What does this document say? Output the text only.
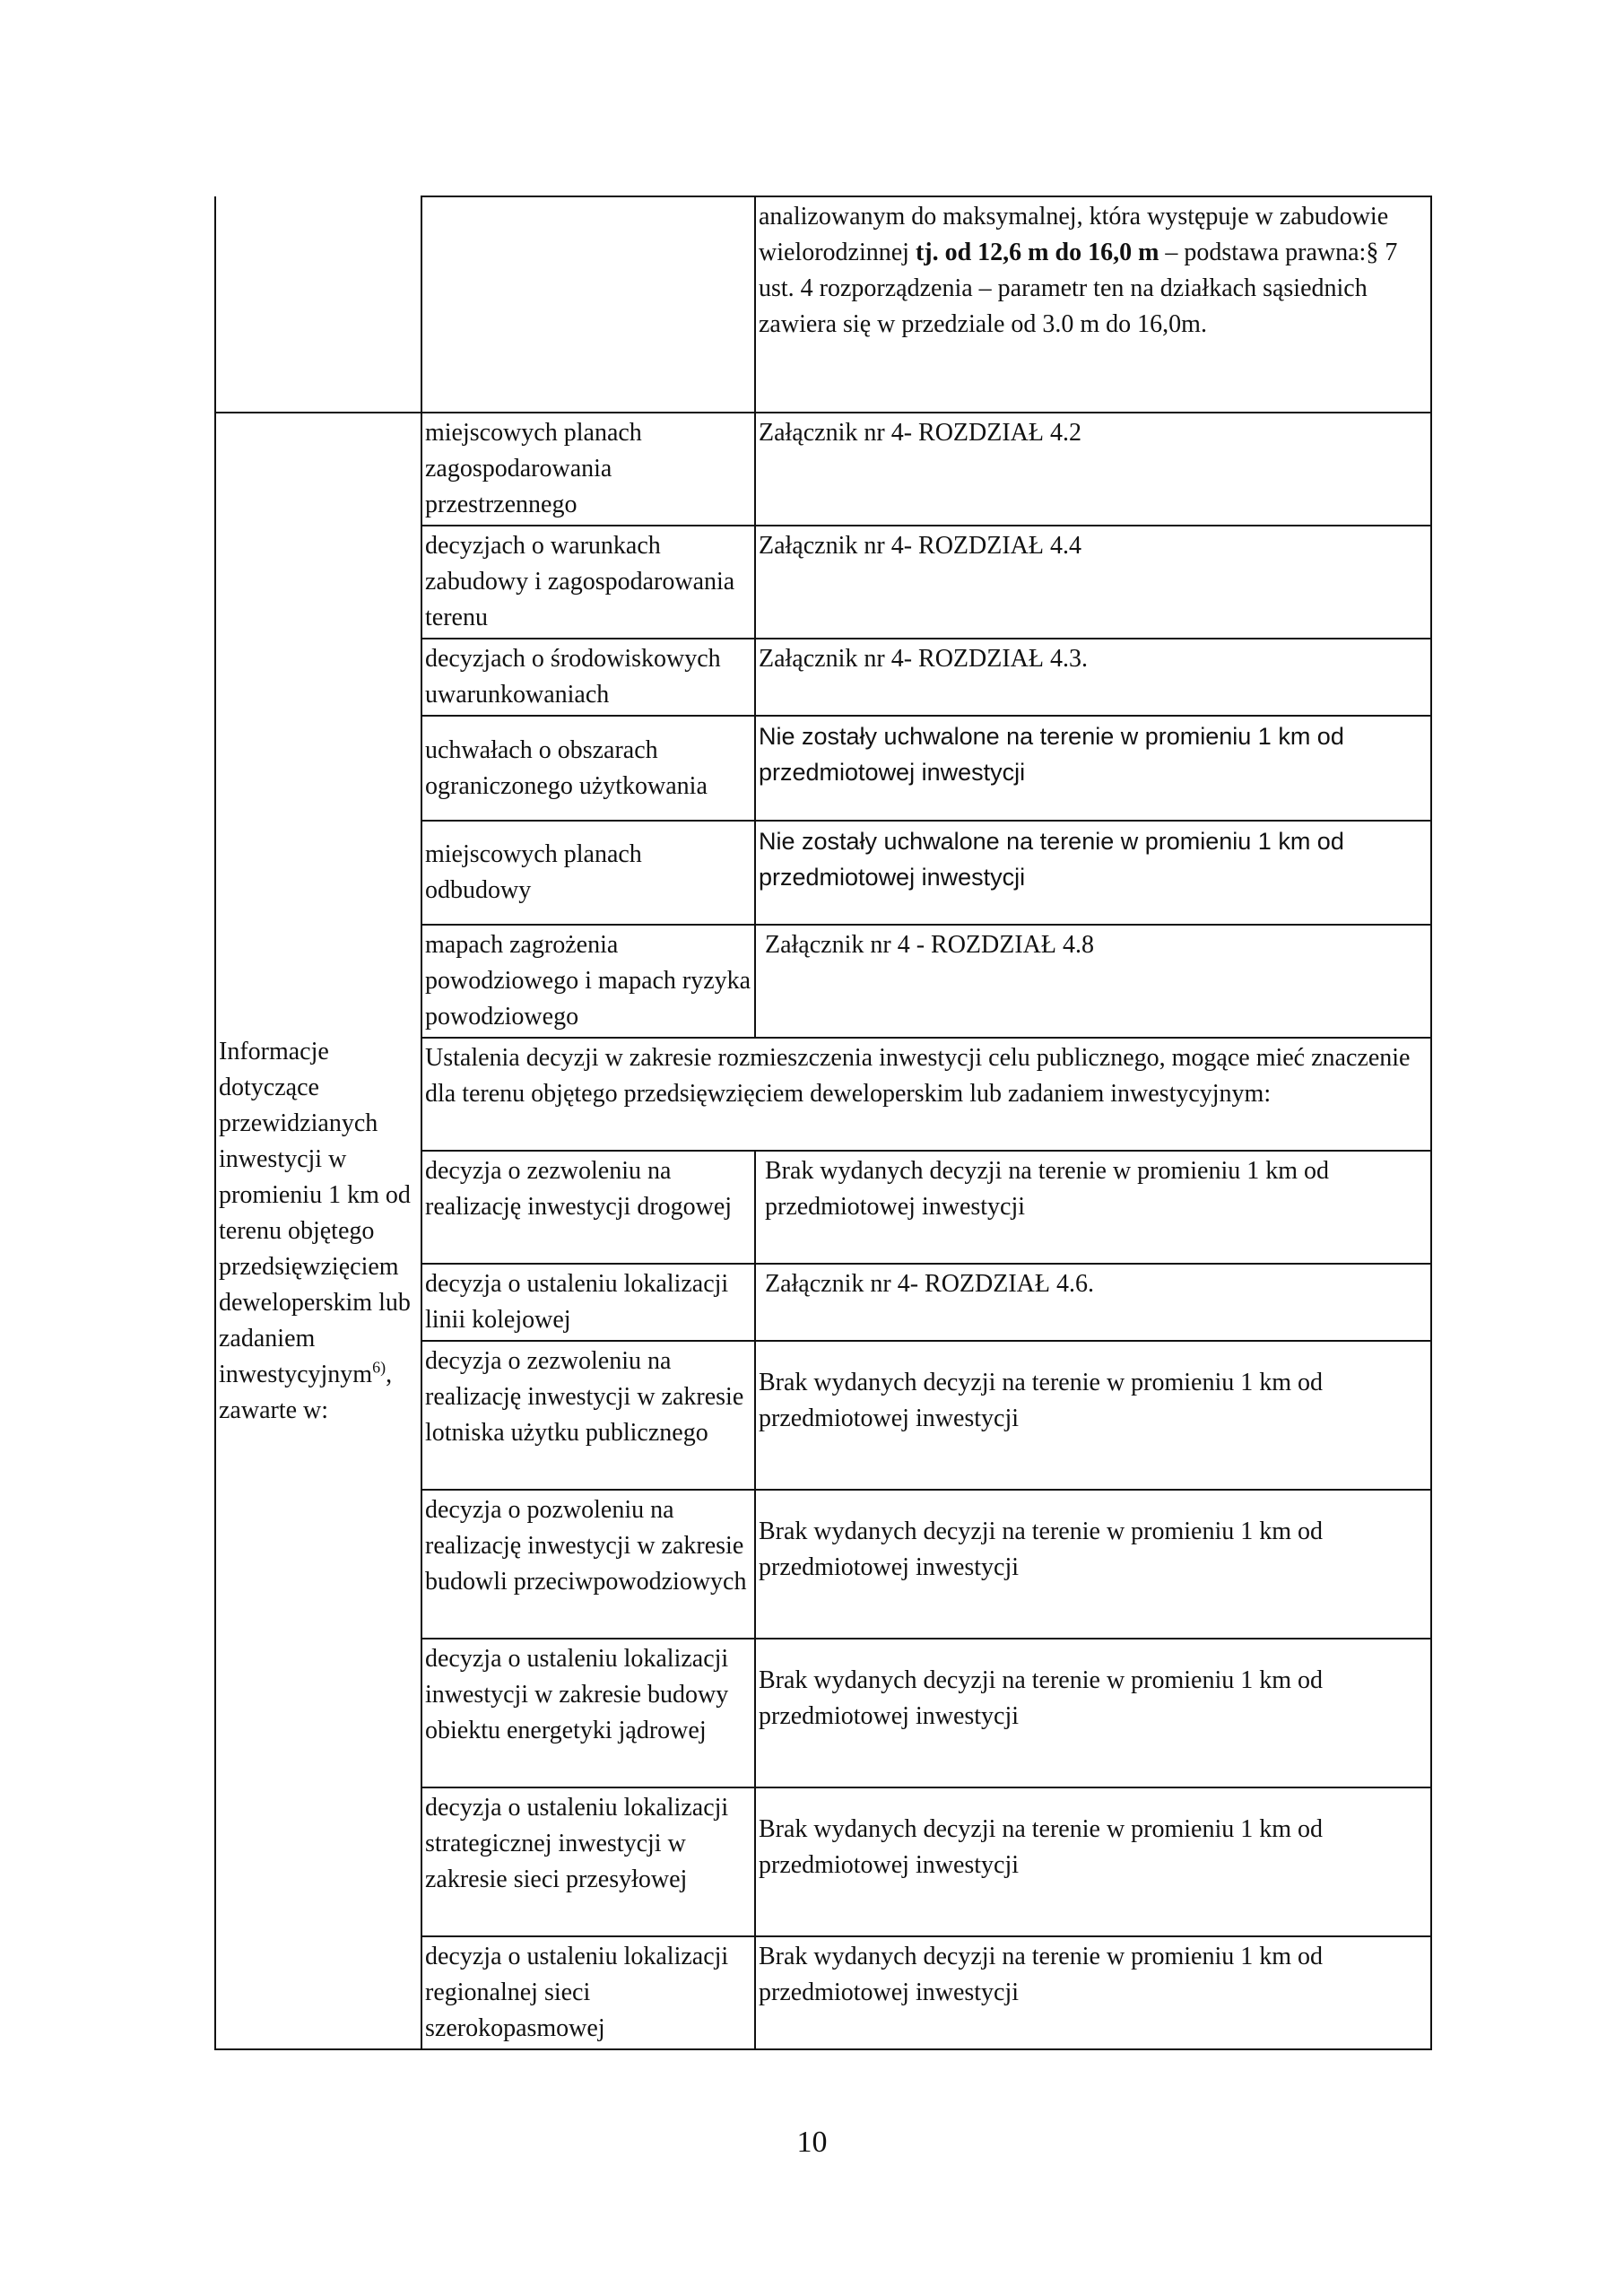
		analizowanym do maksymalnej, która występuje w zabudowie wielorodzinnej tj. od 12,6 m do 16,0 m – podstawa prawna:§ 7 ust. 4 rozporządzenia – parametr ten na działkach sąsiednich zawiera się w przedziale od 3.0 m do 16,0m.
Informacje dotyczące przewidzianych inwestycji w promieniu 1 km od terenu objętego przedsięwzięciem deweloperskim lub zadaniem inwestycyjnym$^{6)}$, zawarte w:	miejscowych planach zagospodarowania przestrzennego	Załącznik nr 4- ROZDZIAŁ 4.2
	decyzjach o warunkach zabudowy i zagospodarowania terenu	Załącznik nr 4- ROZDZIAŁ 4.4
	decyzjach o środowiskowych uwarunkowaniach	Załącznik nr 4- ROZDZIAŁ 4.3.
	uchwałach o obszarach ograniczonego użytkowania	Nie zostały uchwalone na terenie w promieniu 1 km od przedmiotowej inwestycji
	miejscowych planach odbudowy	Nie zostały uchwalone na terenie w promieniu 1 km od przedmiotowej inwestycji
	mapach zagrożenia powodziowego i mapach ryzyka powodziowego	Załącznik nr 4 - ROZDZIAŁ 4.8
	Ustalenia decyzji w zakresie rozmieszczenia inwestycji celu publicznego, mogące mieć znaczenie dla terenu objętego przedsięwzięciem deweloperskim lub zadaniem inwestycyjnym:	
	decyzja o zezwoleniu na realizację inwestycji drogowej	Brak wydanych decyzji na terenie w promieniu 1 km od przedmiotowej inwestycji
	decyzja o ustaleniu lokalizacji linii kolejowej	Załącznik nr 4- ROZDZIAŁ 4.6.
	decyzja o zezwoleniu na realizację inwestycji w zakresie lotniska użytku publicznego	Brak wydanych decyzji na terenie w promieniu 1 km od przedmiotowej inwestycji
	decyzja o pozwoleniu na realizację inwestycji w zakresie budowli przeciwpowodziowych	Brak wydanych decyzji na terenie w promieniu 1 km od przedmiotowej inwestycji
	decyzja o ustaleniu lokalizacji inwestycji w zakresie budowy obiektu energetyki jądrowej	Brak wydanych decyzji na terenie w promieniu 1 km od przedmiotowej inwestycji
	decyzja o ustaleniu lokalizacji strategicznej inwestycji w zakresie sieci przesyłowej	Brak wydanych decyzji na terenie w promieniu 1 km od przedmiotowej inwestycji
	decyzja o ustaleniu lokalizacji regionalnej sieci szerokopasmowej	Brak wydanych decyzji na terenie w promieniu 1 km od przedmiotowej inwestycji
10
